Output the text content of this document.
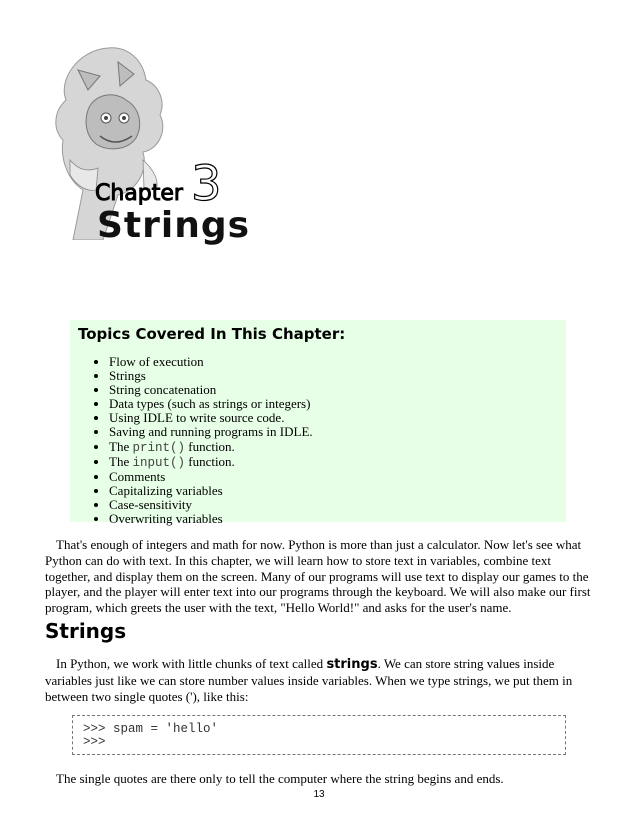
Chapter 3
Strings
Topics Covered In This Chapter:
• Flow of execution
• Strings
• String concatenation
• Data types (such as strings or integers)
• Using IDLE to write source code.
• Saving and running programs in IDLE.
• The print() function.
• The input() function.
• Comments
• Capitalizing variables
• Case-sensitivity
• Overwriting variables

That's enough of integers and math for now. Python is more than just a calculator. Now let's see what Python can do with text. In this chapter, we will learn how to store text in variables, combine text together, and display them on the screen. Many of our programs will use text to display our games to the player, and the player will enter text into our programs through the keyboard. We will also make our first program, which greets the user with the text, "Hello World!" and asks for the user's name.

Strings

In Python, we work with little chunks of text called strings. We can store string values inside variables just like we can store number values inside variables. When we type strings, we put them in between two single quotes ('), like this:

>>> spam = 'hello'
>>>

The single quotes are there only to tell the computer where the string begins and ends.

13
